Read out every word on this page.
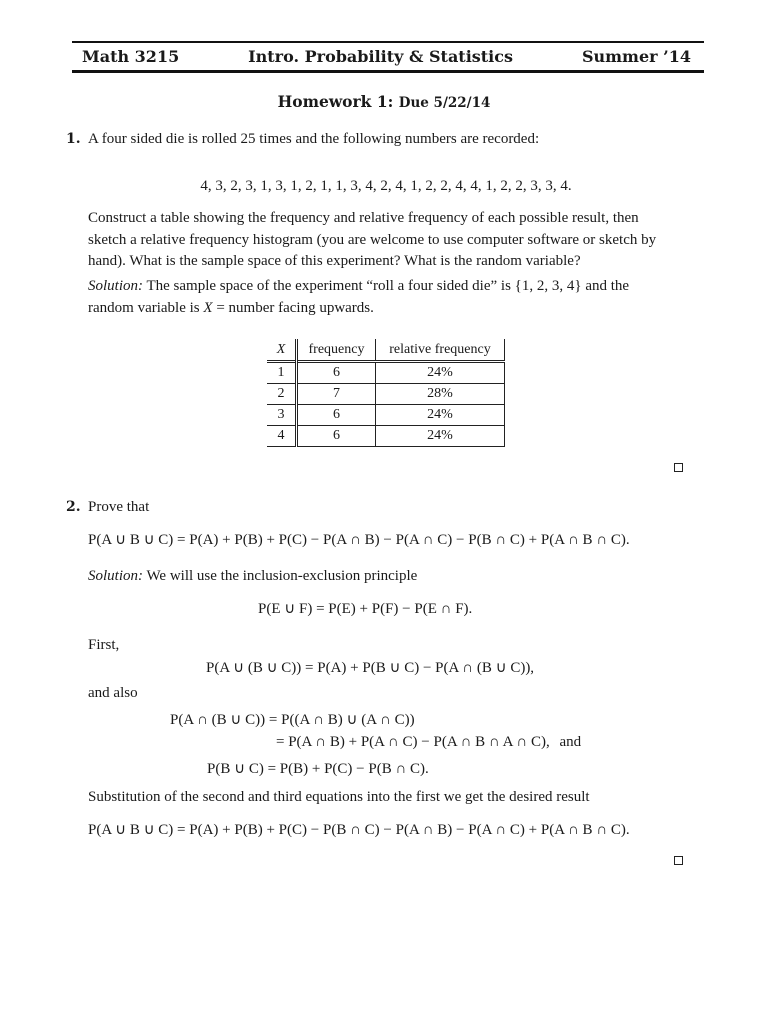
Math 3215	Intro. Probability & Statistics	Summer ’14
Homework 1: Due 5/22/14
1. A four sided die is rolled 25 times and the following numbers are recorded:
4, 3, 2, 3, 1, 3, 1, 2, 1, 1, 3, 4, 2, 4, 1, 2, 2, 4, 4, 1, 2, 2, 3, 3, 4.
Construct a table showing the frequency and relative frequency of each possible result, then
sketch a relative frequency histogram (you are welcome to use computer software or sketch by
hand). What is the sample space of this experiment? What is the random variable?
Solution: The sample space of the experiment “roll a four sided die” is {1, 2, 3, 4} and the
random variable is X = number facing upwards.
X	frequency	relative frequency
1	6	24%
2	7	28%
3	6	24%
4	6	24%
2. Prove that
P(A ∪ B ∪ C) = P(A) + P(B) + P(C) − P(A ∩ B) − P(A ∩ C) − P(B ∩ C) + P(A ∩ B ∩ C).
Solution: We will use the inclusion-exclusion principle
P(E ∪ F) = P(E) + P(F) − P(E ∩ F).
First,
P(A ∪ (B ∪ C)) = P(A) + P(B ∪ C) − P(A ∩ (B ∪ C)),
and also
P(A ∩ (B ∪ C)) = P((A ∩ B) ∪ (A ∩ C))
= P(A ∩ B) + P(A ∩ C) − P(A ∩ B ∩ A ∩ C), and
P(B ∪ C) = P(B) + P(C) − P(B ∩ C).
Substitution of the second and third equations into the first we get the desired result
P(A ∪ B ∪ C) = P(A) + P(B) + P(C) − P(B ∩ C) − P(A ∩ B) − P(A ∩ C) + P(A ∩ B ∩ C).
